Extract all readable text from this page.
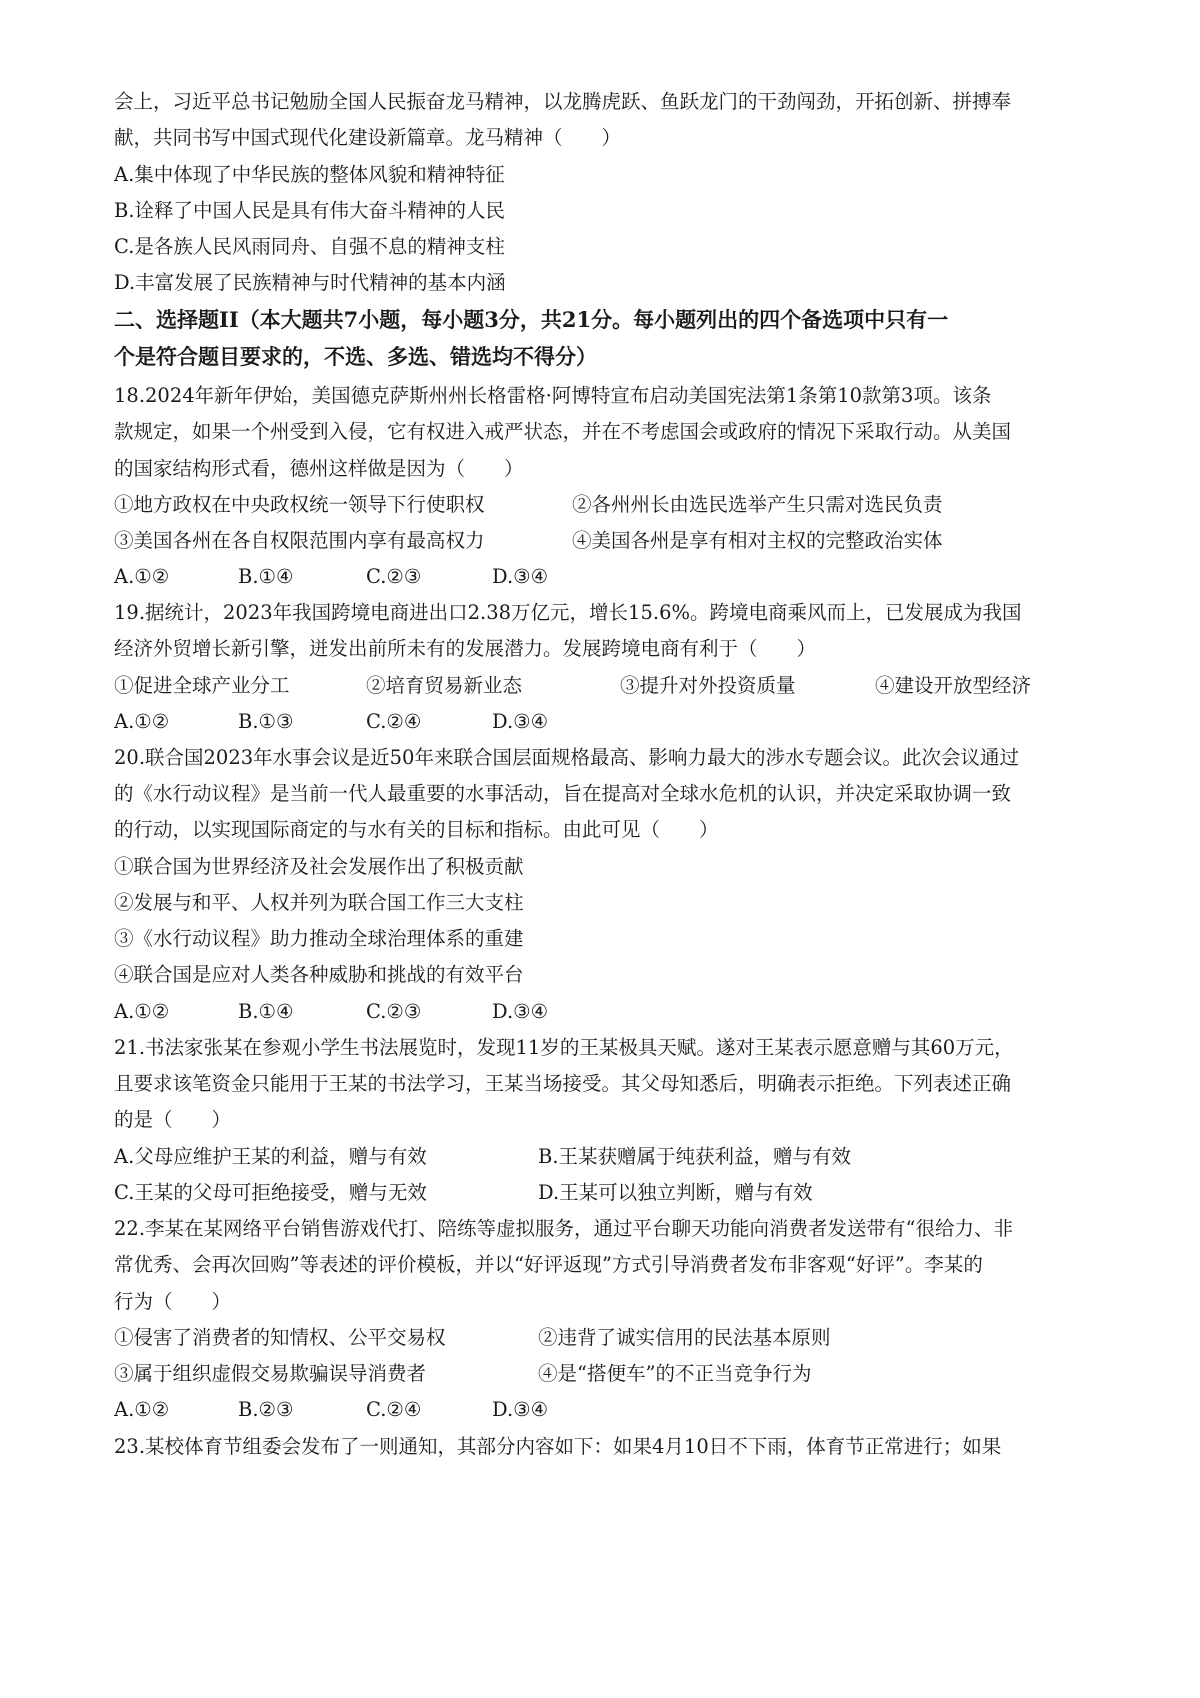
会上，习近平总书记勉励全国人民振奋龙马精神，以龙腾虎跃、鱼跃龙门的干劲闯劲，开拓创新、拼搏奉
献，共同书写中国式现代化建设新篇章。龙马精神（　　）
A.集中体现了中华民族的整体风貌和精神特征
B.诠释了中国人民是具有伟大奋斗精神的人民
C.是各族人民风雨同舟、自强不息的精神支柱
D.丰富发展了民族精神与时代精神的基本内涵
二、选择题II（本大题共7小题，每小题3分，共21分。每小题列出的四个备选项中只有一
个是符合题目要求的，不选、多选、错选均不得分）
18.2024年新年伊始，美国德克萨斯州州长格雷格·阿博特宣布启动美国宪法第1条第10款第3项。该条
款规定，如果一个州受到入侵，它有权进入戒严状态，并在不考虑国会或政府的情况下采取行动。从美国
的国家结构形式看，德州这样做是因为（　　）
①地方政权在中央政权统一领导下行使职权	②各州州长由选民选举产生只需对选民负责
③美国各州在各自权限范围内享有最高权力	④美国各州是享有相对主权的完整政治实体
A.①②	B.①④	C.②③	D.③④
19.据统计，2023年我国跨境电商进出口2.38万亿元，增长15.6%。跨境电商乘风而上，已发展成为我国
经济外贸增长新引擎，迸发出前所未有的发展潜力。发展跨境电商有利于（　　）
①促进全球产业分工	②培育贸易新业态	③提升对外投资质量	④建设开放型经济
A.①②	B.①③	C.②④	D.③④
20.联合国2023年水事会议是近50年来联合国层面规格最高、影响力最大的涉水专题会议。此次会议通过
的《水行动议程》是当前一代人最重要的水事活动，旨在提高对全球水危机的认识，并决定采取协调一致
的行动，以实现国际商定的与水有关的目标和指标。由此可见（　　）
①联合国为世界经济及社会发展作出了积极贡献
②发展与和平、人权并列为联合国工作三大支柱
③《水行动议程》助力推动全球治理体系的重建
④联合国是应对人类各种威胁和挑战的有效平台
A.①②	B.①④	C.②③	D.③④
21.书法家张某在参观小学生书法展览时，发现11岁的王某极具天赋。遂对王某表示愿意赠与其60万元，
且要求该笔资金只能用于王某的书法学习，王某当场接受。其父母知悉后，明确表示拒绝。下列表述正确
的是（　　）
A.父母应维护王某的利益，赠与有效	B.王某获赠属于纯获利益，赠与有效
C.王某的父母可拒绝接受，赠与无效	D.王某可以独立判断，赠与有效
22.李某在某网络平台销售游戏代打、陪练等虚拟服务，通过平台聊天功能向消费者发送带有“很给力、非
常优秀、会再次回购”等表述的评价模板，并以“好评返现”方式引导消费者发布非客观“好评”。李某的
行为（　　）
①侵害了消费者的知情权、公平交易权	②违背了诚实信用的民法基本原则
③属于组织虚假交易欺骗误导消费者	④是“搭便车”的不正当竞争行为
A.①②	B.②③	C.②④	D.③④
23.某校体育节组委会发布了一则通知，其部分内容如下：如果4月10日不下雨，体育节正常进行；如果
